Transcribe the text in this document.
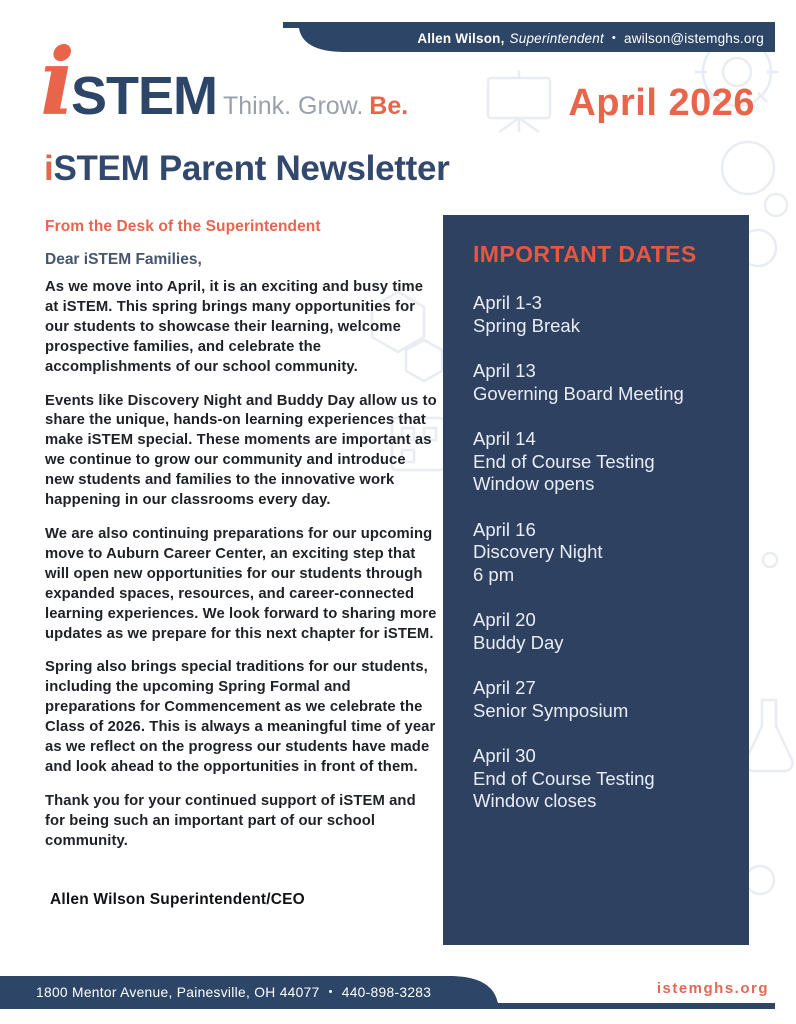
Allen Wilson, Superintendent • awilson@istemghs.org
iSTEM Think. Grow. Be.	April 2026
iSTEM Parent Newsletter
From the Desk of the Superintendent
Dear iSTEM Families,

As we move into April, it is an exciting and busy time at iSTEM. This spring brings many opportunities for our students to showcase their learning, welcome prospective families, and celebrate the accomplishments of our school community.

Events like Discovery Night and Buddy Day allow us to share the unique, hands-on learning experiences that make iSTEM special. These moments are important as we continue to grow our community and introduce new students and families to the innovative work happening in our classrooms every day.

We are also continuing preparations for our upcoming move to Auburn Career Center, an exciting step that will open new opportunities for our students through expanded spaces, resources, and career-connected learning experiences. We look forward to sharing more updates as we prepare for this next chapter for iSTEM.

Spring also brings special traditions for our students, including the upcoming Spring Formal and preparations for Commencement as we celebrate the Class of 2026. This is always a meaningful time of year as we reflect on the progress our students have made and look ahead to the opportunities in front of them.

Thank you for your continued support of iSTEM and for being such an important part of our school community.

Allen Wilson Superintendent/CEO
IMPORTANT DATES
April 1-3
Spring Break
April 13
Governing Board Meeting
April 14
End of Course Testing
Window opens
April 16
Discovery Night
6 pm
April 20
Buddy Day
April 27
Senior Symposium
April 30
End of Course Testing
Window closes
1800 Mentor Avenue, Painesville, OH 44077 • 440-898-3283	istemghs.org
